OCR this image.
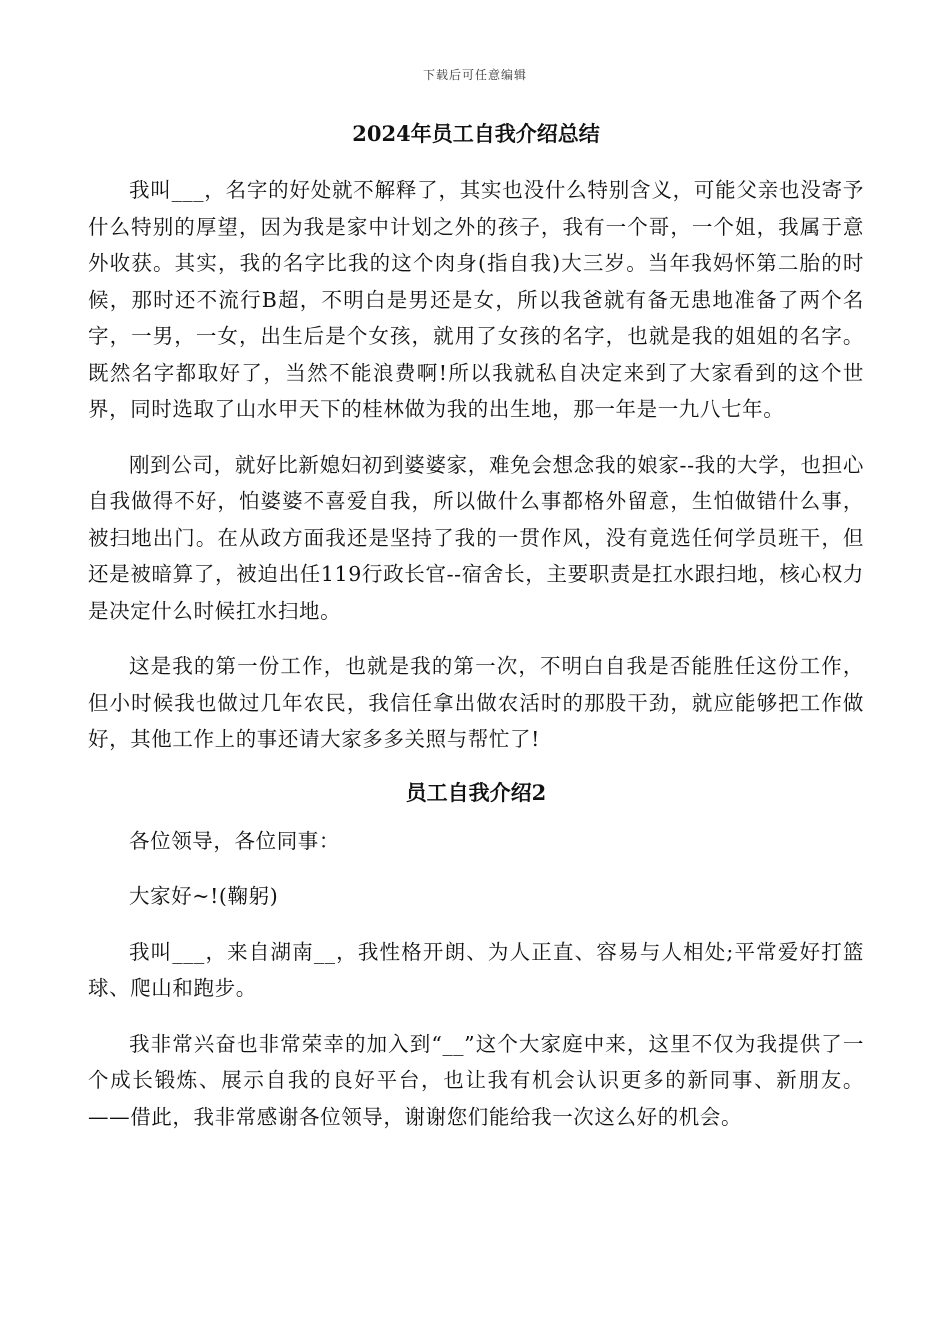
下载后可任意编辑
2024年员工自我介绍总结

我叫___，名字的好处就不解释了，其实也没什么特别含义，可能父亲也没寄予什么特别的厚望，因为我是家中计划之外的孩子，我有一个哥，一个姐，我属于意外收获。其实，我的名字比我的这个肉身(指自我)大三岁。当年我妈怀第二胎的时候，那时还不流行B超，不明白是男还是女，所以我爸就有备无患地准备了两个名字，一男，一女，出生后是个女孩，就用了女孩的名字，也就是我的姐姐的名字。既然名字都取好了，当然不能浪费啊!所以我就私自决定来到了大家看到的这个世界，同时选取了山水甲天下的桂林做为我的出生地，那一年是一九八七年。

刚到公司，就好比新媳妇初到婆婆家，难免会想念我的娘家--我的大学，也担心自我做得不好，怕婆婆不喜爱自我，所以做什么事都格外留意，生怕做错什么事，被扫地出门。在从政方面我还是坚持了我的一贯作风，没有竟选任何学员班干，但还是被暗算了，被迫出任119行政长官--宿舍长，主要职责是扛水跟扫地，核心权力是决定什么时候扛水扫地。

这是我的第一份工作，也就是我的第一次，不明白自我是否能胜任这份工作，但小时候我也做过几年农民，我信任拿出做农活时的那股干劲，就应能够把工作做好，其他工作上的事还请大家多多关照与帮忙了!

员工自我介绍2

各位领导，各位同事：

大家好~!(鞠躬)

我叫___，来自湖南__，我性格开朗、为人正直、容易与人相处;平常爱好打篮球、爬山和跑步。

我非常兴奋也非常荣幸的加入到“__”这个大家庭中来，这里不仅为我提供了一个成长锻炼、展示自我的良好平台，也让我有机会认识更多的新同事、新朋友。——借此，我非常感谢各位领导，谢谢您们能给我一次这么好的机会。
